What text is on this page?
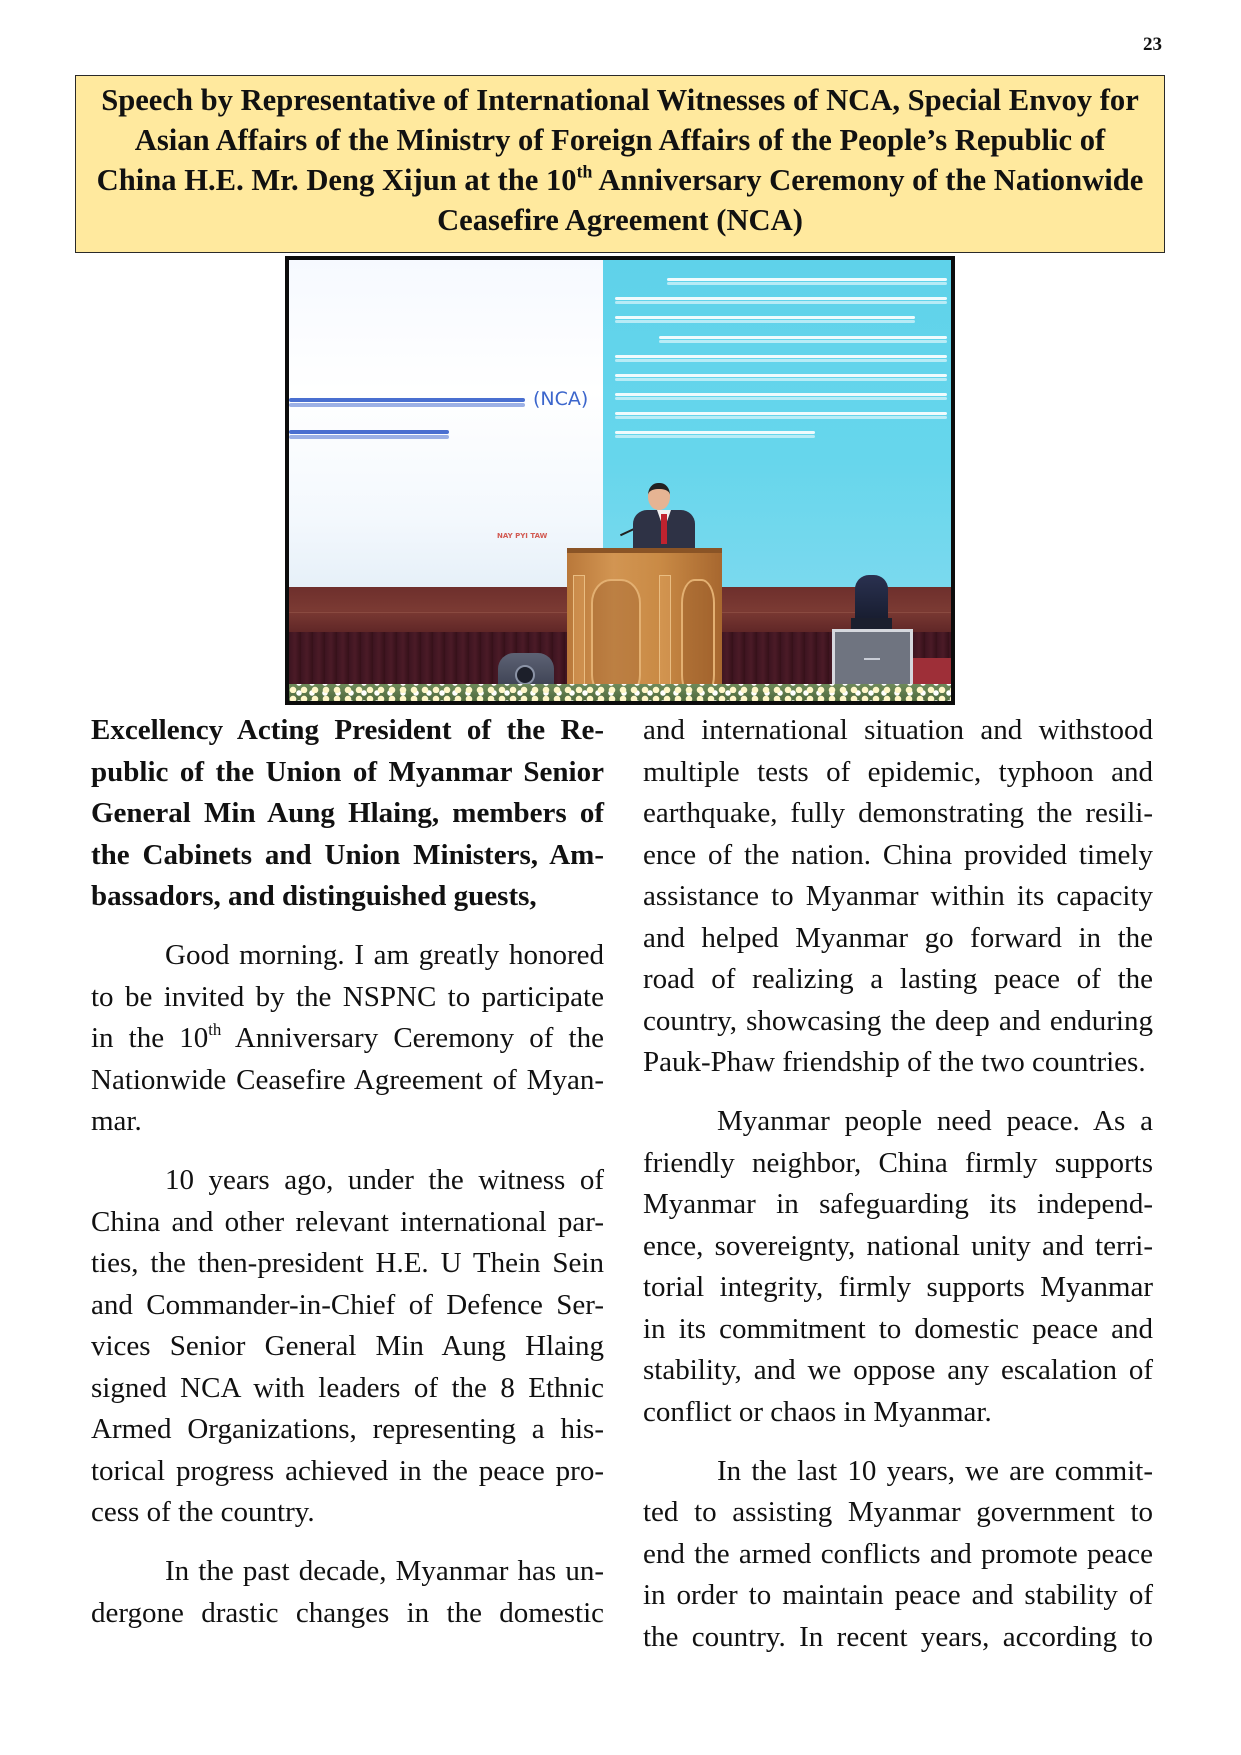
23
Speech by Representative of International Witnesses of NCA, Special Envoy for
Asian Affairs of the Ministry of Foreign Affairs of the People’s Republic of
China H.E. Mr. Deng Xijun at the 10th Anniversary Ceremony of the Nationwide
Ceasefire Agreement (NCA)
(NCA)
NAY PYI TAW
Excellency Acting President of the Re-
public of the Union of Myanmar Senior
General Min Aung Hlaing, members of
the Cabinets and Union Ministers, Am-
bassadors, and distinguished guests,
Good morning. I am greatly honored
to be invited by the NSPNC to participate
in the 10th Anniversary Ceremony of the
Nationwide Ceasefire Agreement of Myan-
mar.
10 years ago, under the witness of
China and other relevant international par-
ties, the then-president H.E. U Thein Sein
and Commander-in-Chief of Defence Ser-
vices Senior General Min Aung Hlaing
signed NCA with leaders of the 8 Ethnic
Armed Organizations, representing a his-
torical progress achieved in the peace pro-
cess of the country.
In the past decade, Myanmar has un-
dergone drastic changes in the domestic
and international situation and withstood
multiple tests of epidemic, typhoon and
earthquake, fully demonstrating the resili-
ence of the nation. China provided timely
assistance to Myanmar within its capacity
and helped Myanmar go forward in the
road of realizing a lasting peace of the
country, showcasing the deep and enduring
Pauk-Phaw friendship of the two countries.
Myanmar people need peace. As a
friendly neighbor, China firmly supports
Myanmar in safeguarding its independ-
ence, sovereignty, national unity and terri-
torial integrity, firmly supports Myanmar
in its commitment to domestic peace and
stability, and we oppose any escalation of
conflict or chaos in Myanmar.
In the last 10 years, we are commit-
ted to assisting Myanmar government to
end the armed conflicts and promote peace
in order to maintain peace and stability of
the country. In recent years, according to
